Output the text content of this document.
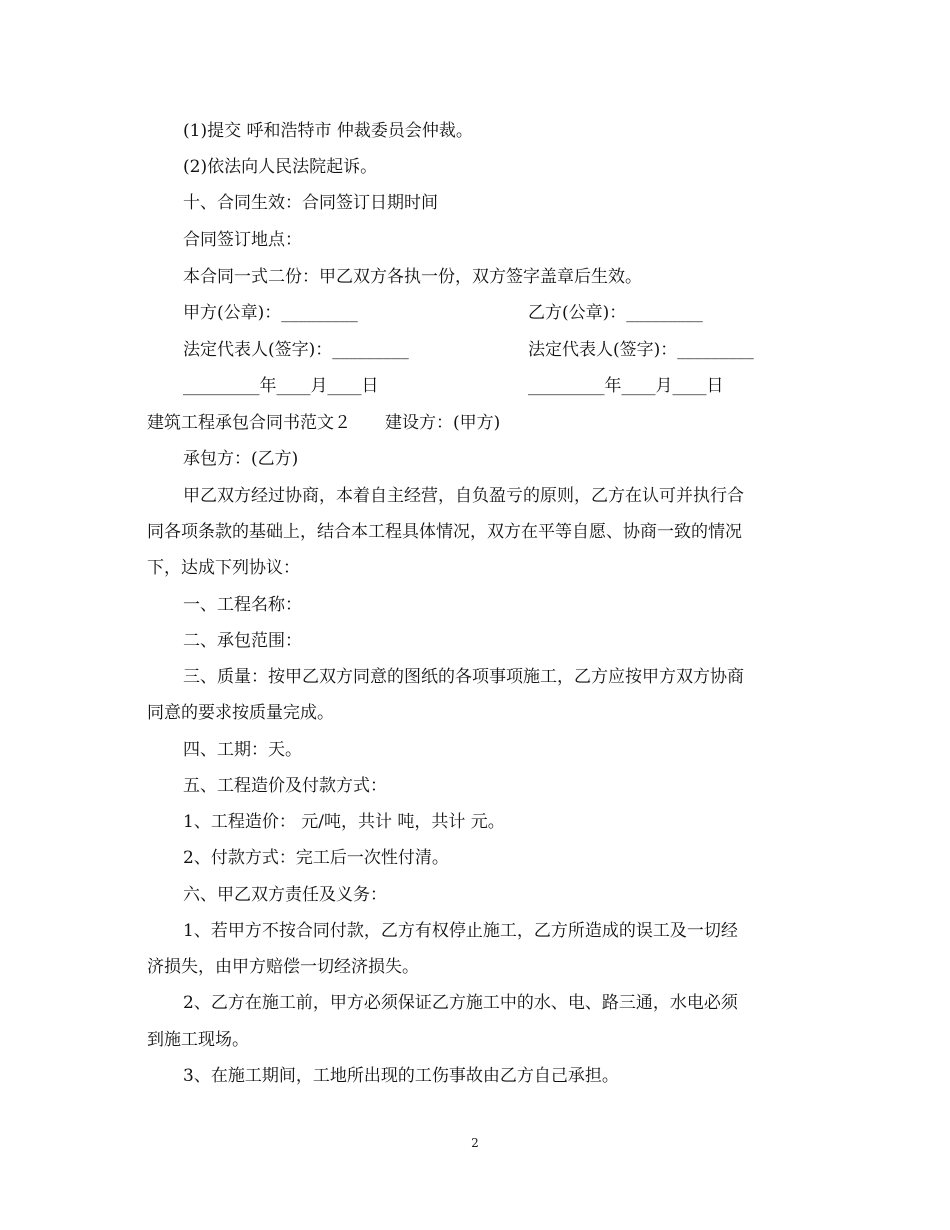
(1)提交 呼和浩特市 仲裁委员会仲裁。
(2)依法向人民法院起诉。
十、合同生效：合同签订日期时间
合同签订地点：
本合同一式二份：甲乙双方各执一份，双方签字盖章后生效。
甲方(公章)：_________	乙方(公章)：_________
法定代表人(签字)：_________	法定代表人(签字)：_________
_________年____月____日	_________年____月____日
建筑工程承包合同书范文２　　建设方：(甲方)
承包方：(乙方)
甲乙双方经过协商，本着自主经营，自负盈亏的原则，乙方在认可并执行合
同各项条款的基础上，结合本工程具体情况，双方在平等自愿、协商一致的情况
下，达成下列协议：
一、工程名称：
二、承包范围：
三、质量：按甲乙双方同意的图纸的各项事项施工，乙方应按甲方双方协商
同意的要求按质量完成。
四、工期：天。
五、工程造价及付款方式：
1、工程造价： 元/吨，共计 吨，共计 元。
2、付款方式：完工后一次性付清。
六、甲乙双方责任及义务：
1、若甲方不按合同付款，乙方有权停止施工，乙方所造成的误工及一切经
济损失，由甲方赔偿一切经济损失。
2、乙方在施工前，甲方必须保证乙方施工中的水、电、路三通，水电必须
到施工现场。
3、在施工期间，工地所出现的工伤事故由乙方自己承担。
2
